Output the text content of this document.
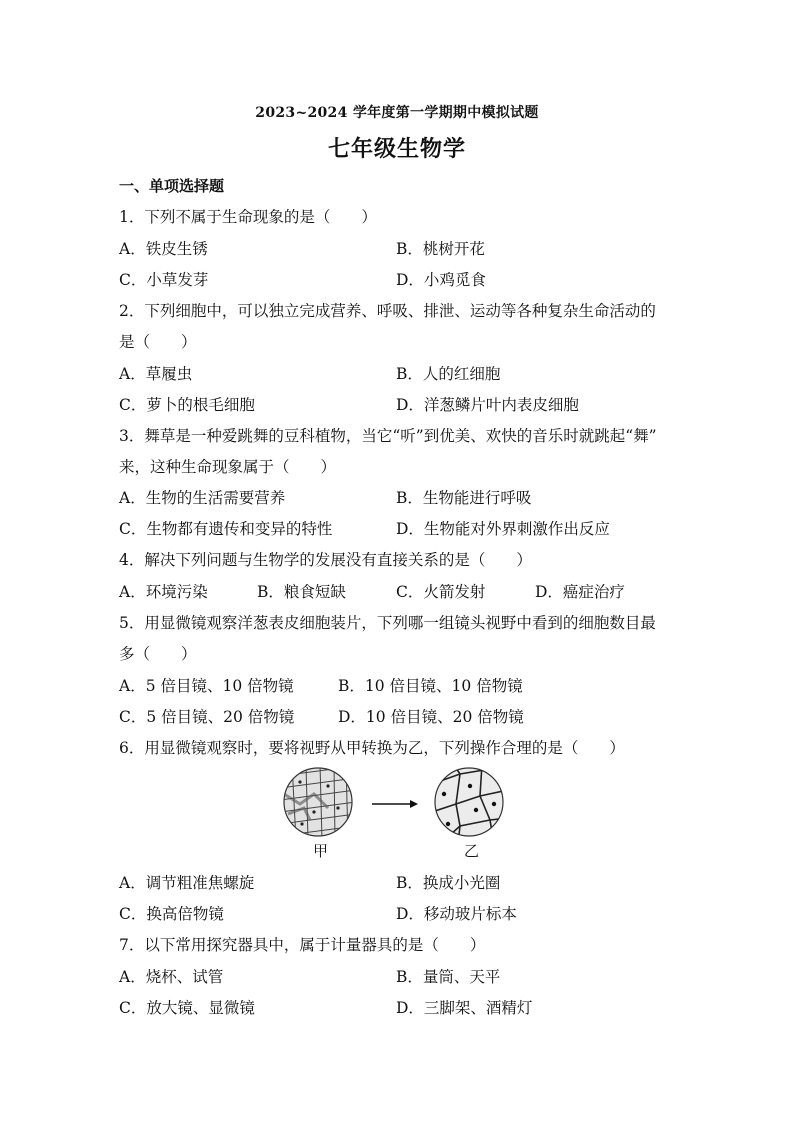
2023~2024 学年度第一学期期中模拟试题
七年级生物学
一、单项选择题
1．下列不属于生命现象的是（　　）
A．铁皮生锈	B．桃树开花
C．小草发芽	D．小鸡觅食
2．下列细胞中，可以独立完成营养、呼吸、排泄、运动等各种复杂生命活动的
是（　　）
A．草履虫	B．人的红细胞
C．萝卜的根毛细胞	D．洋葱鳞片叶内表皮细胞
3．舞草是一种爱跳舞的豆科植物，当它“听”到优美、欢快的音乐时就跳起“舞”
来，这种生命现象属于（　　）
A．生物的生活需要营养	B．生物能进行呼吸
C．生物都有遗传和变异的特性	D．生物能对外界刺激作出反应
4．解决下列问题与生物学的发展没有直接关系的是（　　）
A．环境污染	B．粮食短缺	C．火箭发射	D．癌症治疗
5．用显微镜观察洋葱表皮细胞装片，下列哪一组镜头视野中看到的细胞数目最
多（　　）
A．5 倍目镜、10 倍物镜	B．10 倍目镜、10 倍物镜
C．5 倍目镜、20 倍物镜	D．10 倍目镜、20 倍物镜
6．用显微镜观察时，要将视野从甲转换为乙，下列操作合理的是（　　）
甲	乙
A．调节粗准焦螺旋	B．换成小光圈
C．换高倍物镜	D．移动玻片标本
7．以下常用探究器具中，属于计量器具的是（　　）
A．烧杯、试管	B．量筒、天平
C．放大镜、显微镜	D．三脚架、酒精灯
